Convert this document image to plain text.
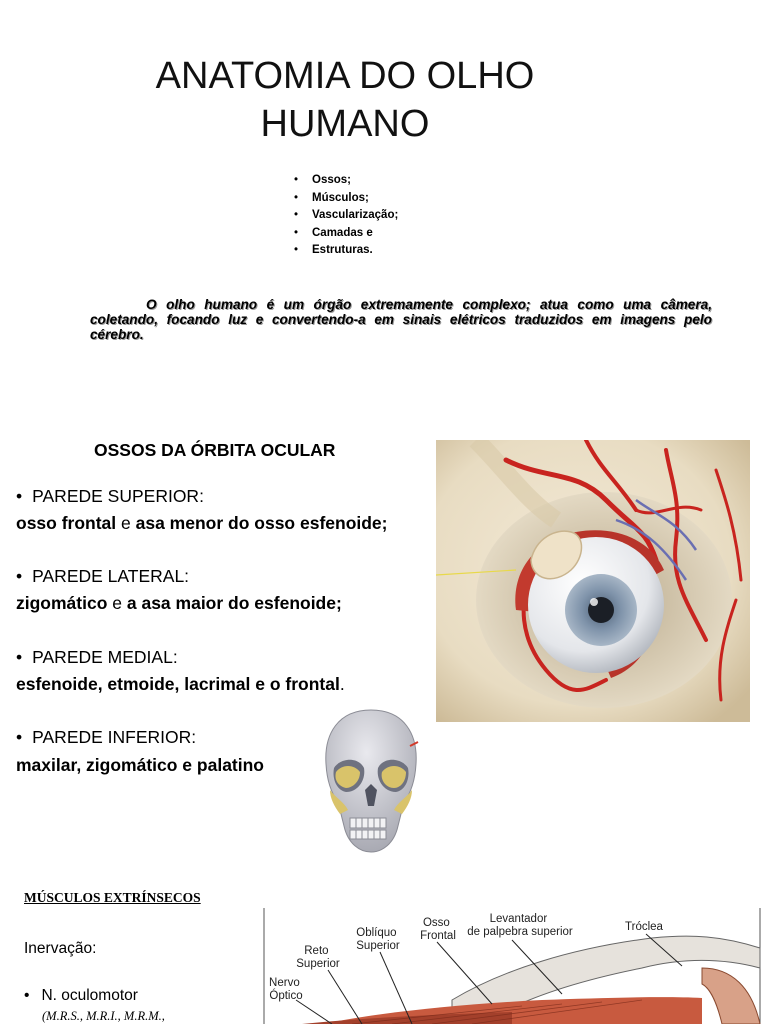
ANATOMIA DO OLHO
HUMANO
• Ossos;
• Músculos;
• Vascularização;
• Camadas e
• Estruturas.
O olho humano é um órgão extremamente complexo; atua como uma câmera, coletando, focando luz e convertendo-a em sinais elétricos traduzidos em imagens pelo cérebro.
OSSOS DA ÓRBITA OCULAR
• PAREDE SUPERIOR:
osso frontal e asa menor do osso esfenoide;
• PAREDE LATERAL:
zigomático e a asa maior do esfenoide;
• PAREDE MEDIAL:
esfenoide, etmoide, lacrimal e o frontal.
• PAREDE INFERIOR:
maxilar, zigomático e palatino
MÚSCULOS EXTRÍNSECOS
Inervação:
• N. oculomotor
(M.R.S., M.R.I., M.R.M.,
Reto Superior
Oblíquo Superior
Osso Frontal
Levantador de palpebra superior	Tróclea
Nervo Óptico
